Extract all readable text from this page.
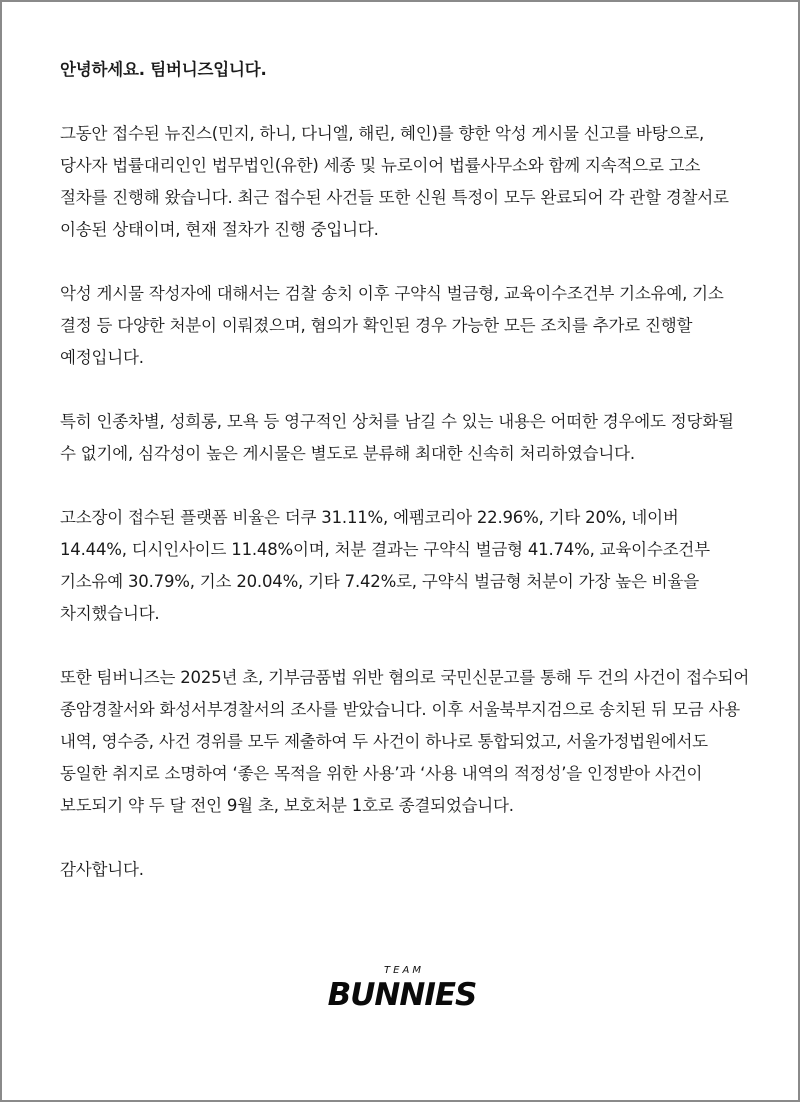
안녕하세요. 팀버니즈입니다.

그동안 접수된 뉴진스(민지, 하니, 다니엘, 해린, 혜인)를 향한 악성 게시물 신고를 바탕으로, 당사자 법률대리인인 법무법인(유한) 세종 및 뉴로이어 법률사무소와 함께 지속적으로 고소 절차를 진행해 왔습니다. 최근 접수된 사건들 또한 신원 특정이 모두 완료되어 각 관할 경찰서로 이송된 상태이며, 현재 절차가 진행 중입니다.

악성 게시물 작성자에 대해서는 검찰 송치 이후 구약식 벌금형, 교육이수조건부 기소유예, 기소 결정 등 다양한 처분이 이뤄졌으며, 혐의가 확인된 경우 가능한 모든 조치를 추가로 진행할 예정입니다.

특히 인종차별, 성희롱, 모욕 등 영구적인 상처를 남길 수 있는 내용은 어떠한 경우에도 정당화될 수 없기에, 심각성이 높은 게시물은 별도로 분류해 최대한 신속히 처리하였습니다.

고소장이 접수된 플랫폼 비율은 더쿠 31.11%, 에펨코리아 22.96%, 기타 20%, 네이버 14.44%, 디시인사이드 11.48%이며, 처분 결과는 구약식 벌금형 41.74%, 교육이수조건부 기소유예 30.79%, 기소 20.04%, 기타 7.42%로, 구약식 벌금형 처분이 가장 높은 비율을 차지했습니다.

또한 팀버니즈는 2025년 초, 기부금품법 위반 혐의로 국민신문고를 통해 두 건의 사건이 접수되어 종암경찰서와 화성서부경찰서의 조사를 받았습니다. 이후 서울북부지검으로 송치된 뒤 모금 사용 내역, 영수증, 사건 경위를 모두 제출하여 두 사건이 하나로 통합되었고, 서울가정법원에서도 동일한 취지로 소명하여 ‘좋은 목적을 위한 사용’과 ‘사용 내역의 적정성’을 인정받아 사건이 보도되기 약 두 달 전인 9월 초, 보호처분 1호로 종결되었습니다.

감사합니다.

TEAM
BUNNIES
